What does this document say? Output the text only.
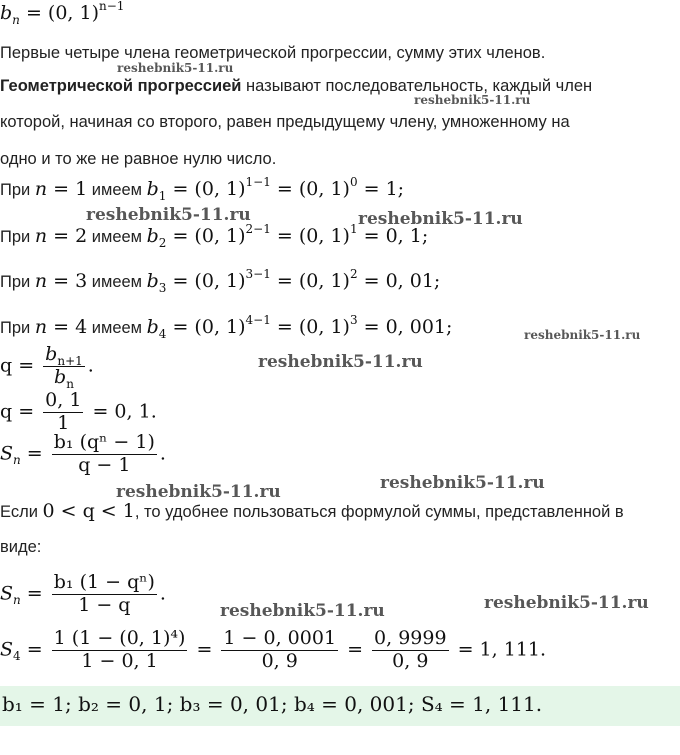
$b_n = (0$, 1)$^{n-1}$
Первые четыре члена геометрической прогрессии, сумму этих членов.
Геометрической прогрессией называют последовательность, каждый член
которой, начиная со второго, равен предыдущему члену, умноженному на
одно и то же не равное нулю число.
При n = 1 имеем $b_1 = (0$, 1)$^{1-1}$ = (0, 1)$^0$ = 1;
При n = 2 имеем $b_2 = (0$, 1)$^{2-1}$ = (0, 1)$^1$ = 0, 1;
При n = 3 имеем $b_3 = (0$, 1)$^{3-1}$ = (0, 1)$^2$ = 0, 01;
При n = 4 имеем $b_4 = (0$, 1)$^{4-1}$ = (0, 1)$^3$ = 0, 001;
$q = \frac{b_{n+1}}{b_n}$ .
$q = \frac{0, 1}{1} = 0$, 1.
$S_n = \frac{\text{b₁ (qⁿ − 1)}}{q - 1}$ .
Если 0 < q < 1, то удобнее пользоваться формулой суммы, представленной в
виде:
$S_n = \frac{\text{b₁ (1 − qⁿ)}}{1 - q}$ .
$S_4 = \frac{\text{1 (1 − (0, 1)⁴)}}{1 - 0, 1} = \frac{1 - 0, 0001}{0, 9} = \frac{0, 9999}{0, 9} = 1$, 111.
b₁ = 1; b₂ = 0, 1; b₃ = 0, 01; b₄ = 0, 001; S₄ = 1, 111.
reshebnik5-11.ru
reshebnik5-11.ru
reshebnik5-11.ru	reshebnik5-11.ru
reshebnik5-11.ru
reshebnik5-11.ru
reshebnik5-11.ru
reshebnik5-11.ru
reshebnik5-11.ru	reshebnik5-11.ru
